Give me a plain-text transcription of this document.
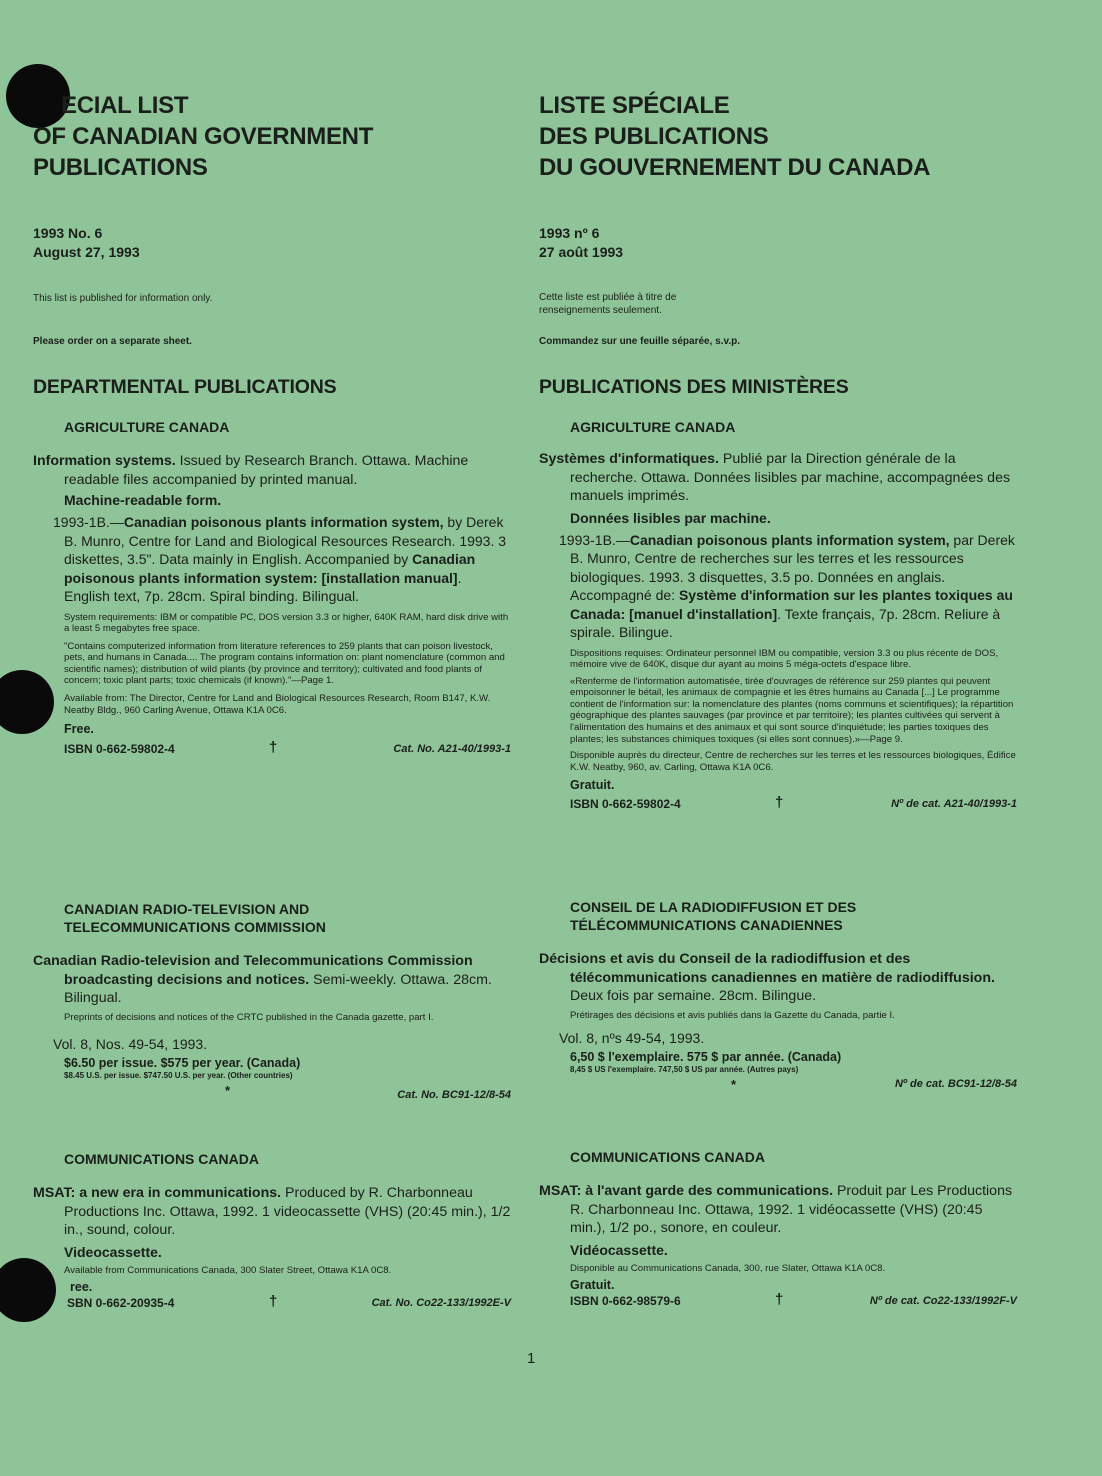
ECIAL LIST
OF CANADIAN GOVERNMENT
PUBLICATIONS
1993 No. 6
August 27, 1993
This list is published for information only.
Please order on a separate sheet.
DEPARTMENTAL PUBLICATIONS
AGRICULTURE CANADA
Information systems. Issued by Research Branch. Ottawa. Machine readable files accompanied by printed manual.
Machine-readable form.
1993-1B.—Canadian poisonous plants information system, by Derek B. Munro, Centre for Land and Biological Resources Research. 1993. 3 diskettes, 3.5". Data mainly in English. Accompanied by Canadian poisonous plants information system: [installation manual]. English text, 7p. 28cm. Spiral binding. Bilingual.
System requirements: IBM or compatible PC, DOS version 3.3 or higher, 640K RAM, hard disk drive with a least 5 megabytes free space.
"Contains computerized information from literature references to 259 plants that can poison livestock, pets, and humans in Canada.... The program contains information on: plant nomenclature (common and scientific names); distribution of wild plants (by province and territory); cultivated and food plants of concern; toxic plant parts; toxic chemicals (if known)."—Page 1.
Available from: The Director, Centre for Land and Biological Resources Research, Room B147, K.W. Neatby Bldg., 960 Carling Avenue, Ottawa K1A 0C6.
Free.
ISBN 0-662-59802-4	†	Cat. No. A21-40/1993-1
CANADIAN RADIO-TELEVISION AND
TELECOMMUNICATIONS COMMISSION
Canadian Radio-television and Telecommunications Commission broadcasting decisions and notices. Semi-weekly. Ottawa. 28cm. Bilingual.
Preprints of decisions and notices of the CRTC published in the Canada gazette, part I.
Vol. 8, Nos. 49-54, 1993.
$6.50 per issue. $575 per year. (Canada)
$8.45 U.S. per issue. $747.50 U.S. per year. (Other countries)
*	Cat. No. BC91-12/8-54
COMMUNICATIONS CANADA
MSAT: a new era in communications. Produced by R. Charbonneau Productions Inc. Ottawa, 1992. 1 videocassette (VHS) (20:45 min.), 1/2 in., sound, colour.
Videocassette.
Available from Communications Canada, 300 Slater Street, Ottawa K1A 0C8.
ree.
SBN 0-662-20935-4	†	Cat. No. Co22-133/1992E-V
LISTE SPÉCIALE
DES PUBLICATIONS
DU GOUVERNEMENT DU CANADA
1993 nº 6
27 août 1993
Cette liste est publiée à titre de renseignements seulement.
Commandez sur une feuille séparée, s.v.p.
PUBLICATIONS DES MINISTÈRES
AGRICULTURE CANADA
Systèmes d'informatiques. Publié par la Direction générale de la recherche. Ottawa. Données lisibles par machine, accompagnées des manuels imprimés.
Données lisibles par machine.
1993-1B.—Canadian poisonous plants information system, par Derek B. Munro, Centre de recherches sur les terres et les ressources biologiques. 1993. 3 disquettes, 3.5 po. Données en anglais. Accompagné de: Système d'information sur les plantes toxiques au Canada: [manuel d'installation]. Texte français, 7p. 28cm. Reliure à spirale. Bilingue.
Dispositions requises: Ordinateur personnel IBM ou compatible, version 3.3 ou plus récente de DOS, mémoire vive de 640K, disque dur ayant au moins 5 méga-octets d'espace libre.
«Renferme de l'information automatisée, tirée d'ouvrages de référence sur 259 plantes qui peuvent empoisonner le bétail, les animaux de compagnie et les êtres humains au Canada [...] Le programme contient de l'information sur: la nomenclature des plantes (noms communs et scientifiques); la répartition géographique des plantes sauvages (par province et par territoire); les plantes cultivées qui servent à l'alimentation des humains et des animaux et qui sont source d'inquiétude; les parties toxiques des plantes; les substances chimiques toxiques (si elles sont connues).»—Page 9.
Disponible auprès du directeur, Centre de recherches sur les terres et les ressources biologiques, Édifice K.W. Neatby, 960, av. Carling, Ottawa K1A 0C6.
Gratuit.
ISBN 0-662-59802-4	†	Nº de cat. A21-40/1993-1
CONSEIL DE LA RADIODIFFUSION ET DES
TÉLÉCOMMUNICATIONS CANADIENNES
Décisions et avis du Conseil de la radiodiffusion et des télécommunications canadiennes en matière de radiodiffusion. Deux fois par semaine. 28cm. Bilingue.
Prétirages des décisions et avis publiés dans la Gazette du Canada, partie I.
Vol. 8, nºs 49-54, 1993.
6,50 $ l'exemplaire. 575 $ par année. (Canada)
8,45 $ US l'exemplaire. 747,50 $ US par année. (Autres pays)
*	Nº de cat. BC91-12/8-54
COMMUNICATIONS CANADA
MSAT: à l'avant garde des communications. Produit par Les Productions R. Charbonneau Inc. Ottawa, 1992. 1 vidéocassette (VHS) (20:45 min.), 1/2 po., sonore, en couleur.
Vidéocassette.
Disponible au Communications Canada, 300, rue Slater, Ottawa K1A 0C8.
Gratuit.
ISBN 0-662-98579-6	†	Nº de cat. Co22-133/1992F-V
1
